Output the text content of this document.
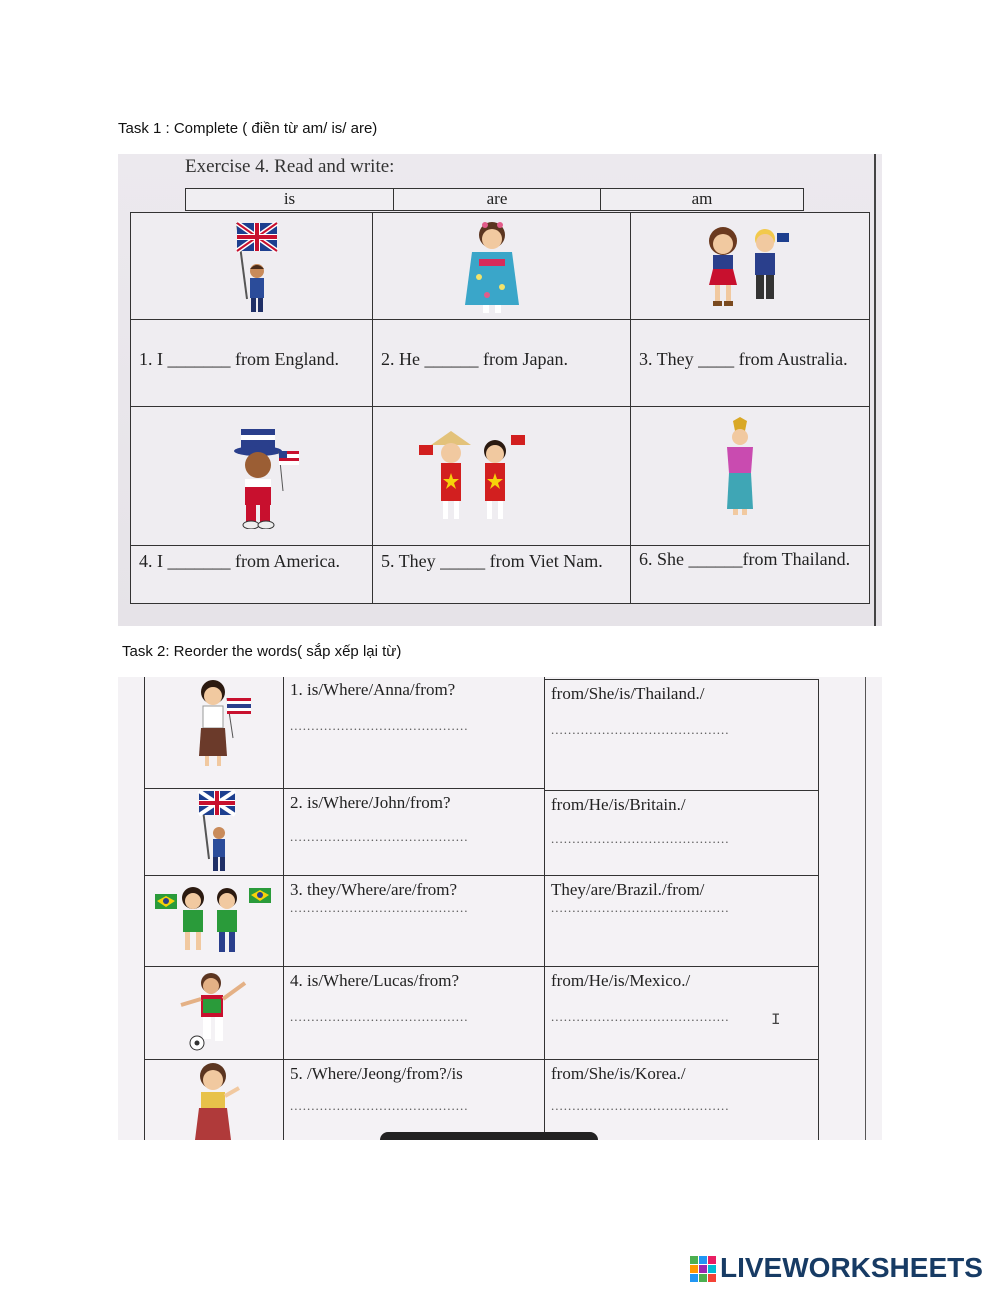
Task 1 : Complete ( điền từ am/ is/ are)
Exercise 4. Read and write:
is	are	am
1. I _______ from England.	2. He ______ from Japan.	3. They ____ from Australia.
4. I _______ from America.	5. They _____ from Viet Nam.	6. She ______from Thailand.
Task 2: Reorder the words( sắp xếp lại từ)
1. is/Where/Anna/from?
..........................................
from/She/is/Thailand./
..........................................
2. is/Where/John/from?
..........................................
from/He/is/Britain./
..........................................
3. they/Where/are/from?
..........................................
They/are/Brazil./from/
..........................................
4. is/Where/Lucas/from?
..........................................
from/He/is/Mexico./
..........................................	I
5. /Where/Jeong/from?/is
..........................................
from/She/is/Korea./
..........................................
LIVEWORKSHEETS
